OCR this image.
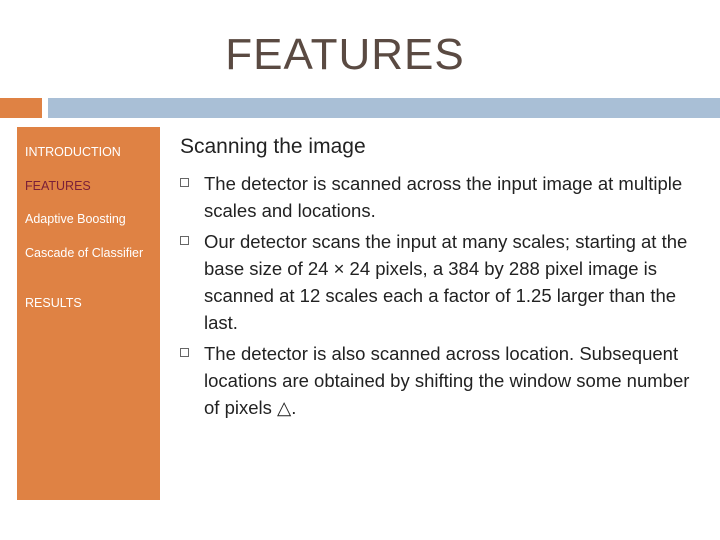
FEATURES
INTRODUCTION
FEATURES
Adaptive Boosting
Cascade of Classifier
RESULTS
Scanning the image
The detector is scanned across the input image at multiple scales and locations.
Our detector scans the input at many scales; starting at the base size of 24 × 24 pixels, a 384 by 288 pixel image is scanned at 12 scales each a factor of 1.25 larger than the last.
The detector is also scanned across location. Subsequent locations are obtained by shifting the window some number of pixels △.
